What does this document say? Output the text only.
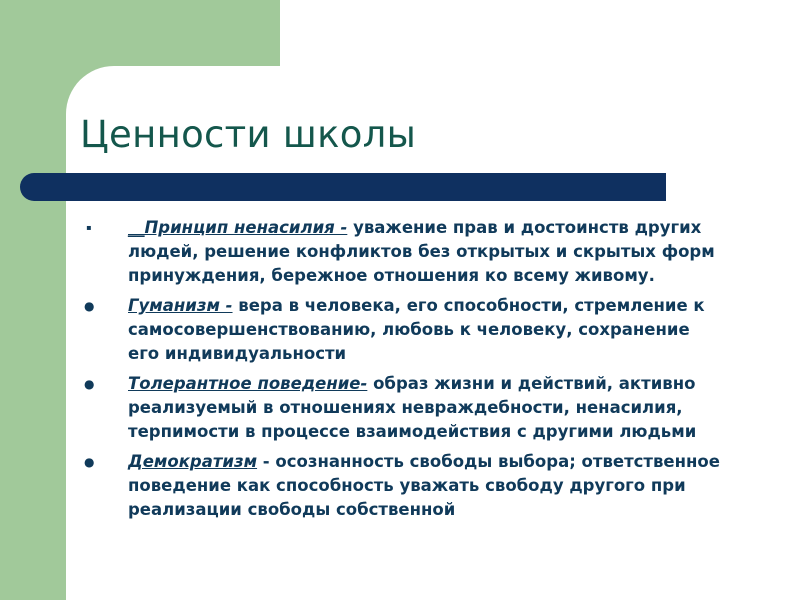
Ценности школы
▪ __Принцип ненасилия - уважение прав и достоинств других людей, решение конфликтов без открытых и скрытых форм принуждения, бережное отношения ко всему живому.
● Гуманизм - вера в человека, его способности, стремление к самосовершенствованию, любовь к человеку, сохранение его индивидуальности
● Толерантное поведение- образ жизни и действий, активно реализуемый в отношениях невраждебности, ненасилия, терпимости в процессе взаимодействия с другими людьми
● Демократизм - осознанность свободы выбора; ответственное поведение как способность уважать свободу другого при реализации свободы собственной
